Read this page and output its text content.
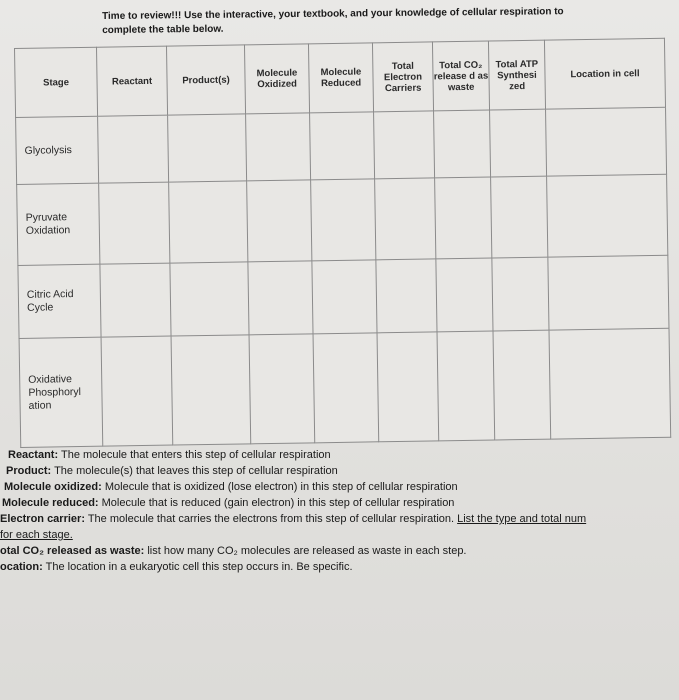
Time to review!!! Use the interactive, your textbook, and your knowledge of cellular respiration to
complete the table below.
Stage	Reactant	Product(s)	Molecule Oxidized	Molecule Reduced	Total Electron Carriers	Total CO₂ release d as waste	Total ATP Synthesi zed	Location in cell
Glycolysis								
Pyruvate Oxidation								
Citric Acid Cycle								
Oxidative Phosphoryl ation								
Reactant: The molecule that enters this step of cellular respiration
Product: The molecule(s) that leaves this step of cellular respiration
Molecule oxidized: Molecule that is oxidized (lose electron) in this step of cellular respiration
Molecule reduced: Molecule that is reduced (gain electron) in this step of cellular respiration
Electron carrier: The molecule that carries the electrons from this step of cellular respiration. List the type and total num
for each stage.
otal CO₂ released as waste: list how many CO₂ molecules are released as waste in each step.
ocation: The location in a eukaryotic cell this step occurs in. Be specific.
